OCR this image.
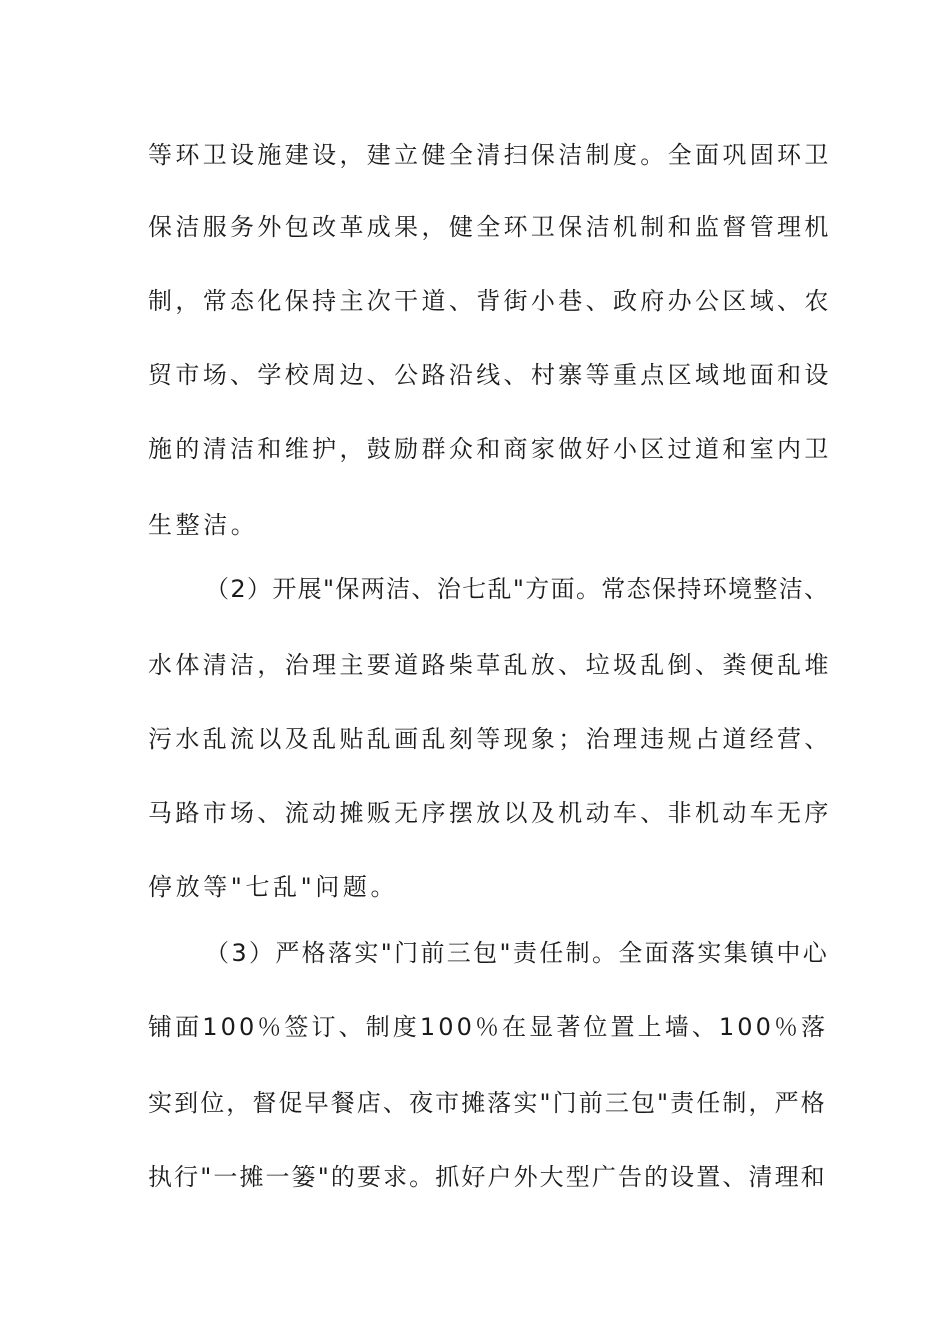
等环卫设施建设，建立健全清扫保洁制度。全面巩固环卫
保洁服务外包改革成果，健全环卫保洁机制和监督管理机
制，常态化保持主次干道、背街小巷、政府办公区域、农
贸市场、学校周边、公路沿线、村寨等重点区域地面和设
施的清洁和维护，鼓励群众和商家做好小区过道和室内卫
生整洁。
（2）开展"保两洁、治七乱"方面。常态保持环境整洁、
水体清洁，治理主要道路柴草乱放、垃圾乱倒、粪便乱堆
污水乱流以及乱贴乱画乱刻等现象；治理违规占道经营、
马路市场、流动摊贩无序摆放以及机动车、非机动车无序
停放等"七乱"问题。
（3）严格落实"门前三包"责任制。全面落实集镇中心
铺面100％签订、制度100％在显著位置上墙、100％落
实到位，督促早餐店、夜市摊落实"门前三包"责任制，严格
执行"一摊一篓"的要求。抓好户外大型广告的设置、清理和
